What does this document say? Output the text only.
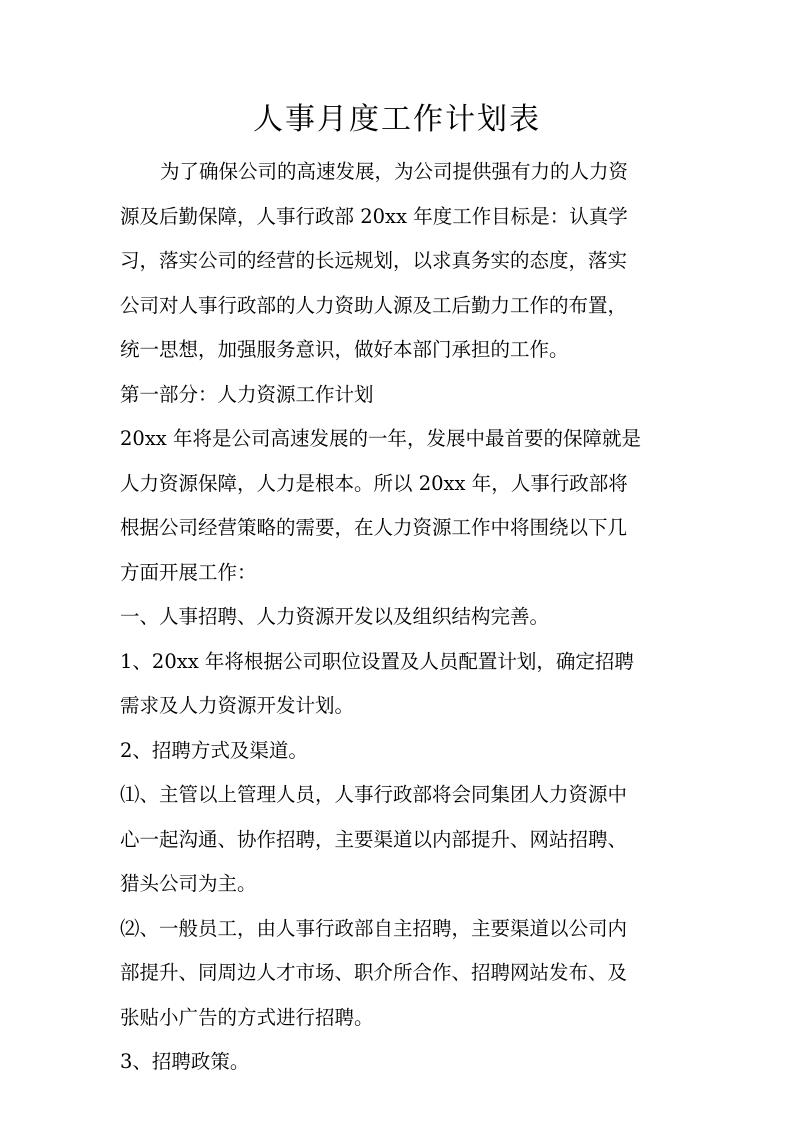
人事月度工作计划表
为了确保公司的高速发展，为公司提供强有力的人力资
源及后勤保障，人事行政部 20xx 年度工作目标是：认真学
习，落实公司的经营的长远规划，以求真务实的态度，落实
公司对人事行政部的人力资助人源及工后勤力工作的布置，
统一思想，加强服务意识，做好本部门承担的工作。
第一部分：人力资源工作计划
20xx 年将是公司高速发展的一年，发展中最首要的保障就是
人力资源保障，人力是根本。所以 20xx 年，人事行政部将
根据公司经营策略的需要，在人力资源工作中将围绕以下几
方面开展工作：
一、人事招聘、人力资源开发以及组织结构完善。
1、20xx 年将根据公司职位设置及人员配置计划，确定招聘
需求及人力资源开发计划。
2、招聘方式及渠道。
⑴、主管以上管理人员，人事行政部将会同集团人力资源中
心一起沟通、协作招聘，主要渠道以内部提升、网站招聘、
猎头公司为主。
⑵、一般员工，由人事行政部自主招聘，主要渠道以公司内
部提升、同周边人才市场、职介所合作、招聘网站发布、及
张贴小广告的方式进行招聘。
3、招聘政策。
